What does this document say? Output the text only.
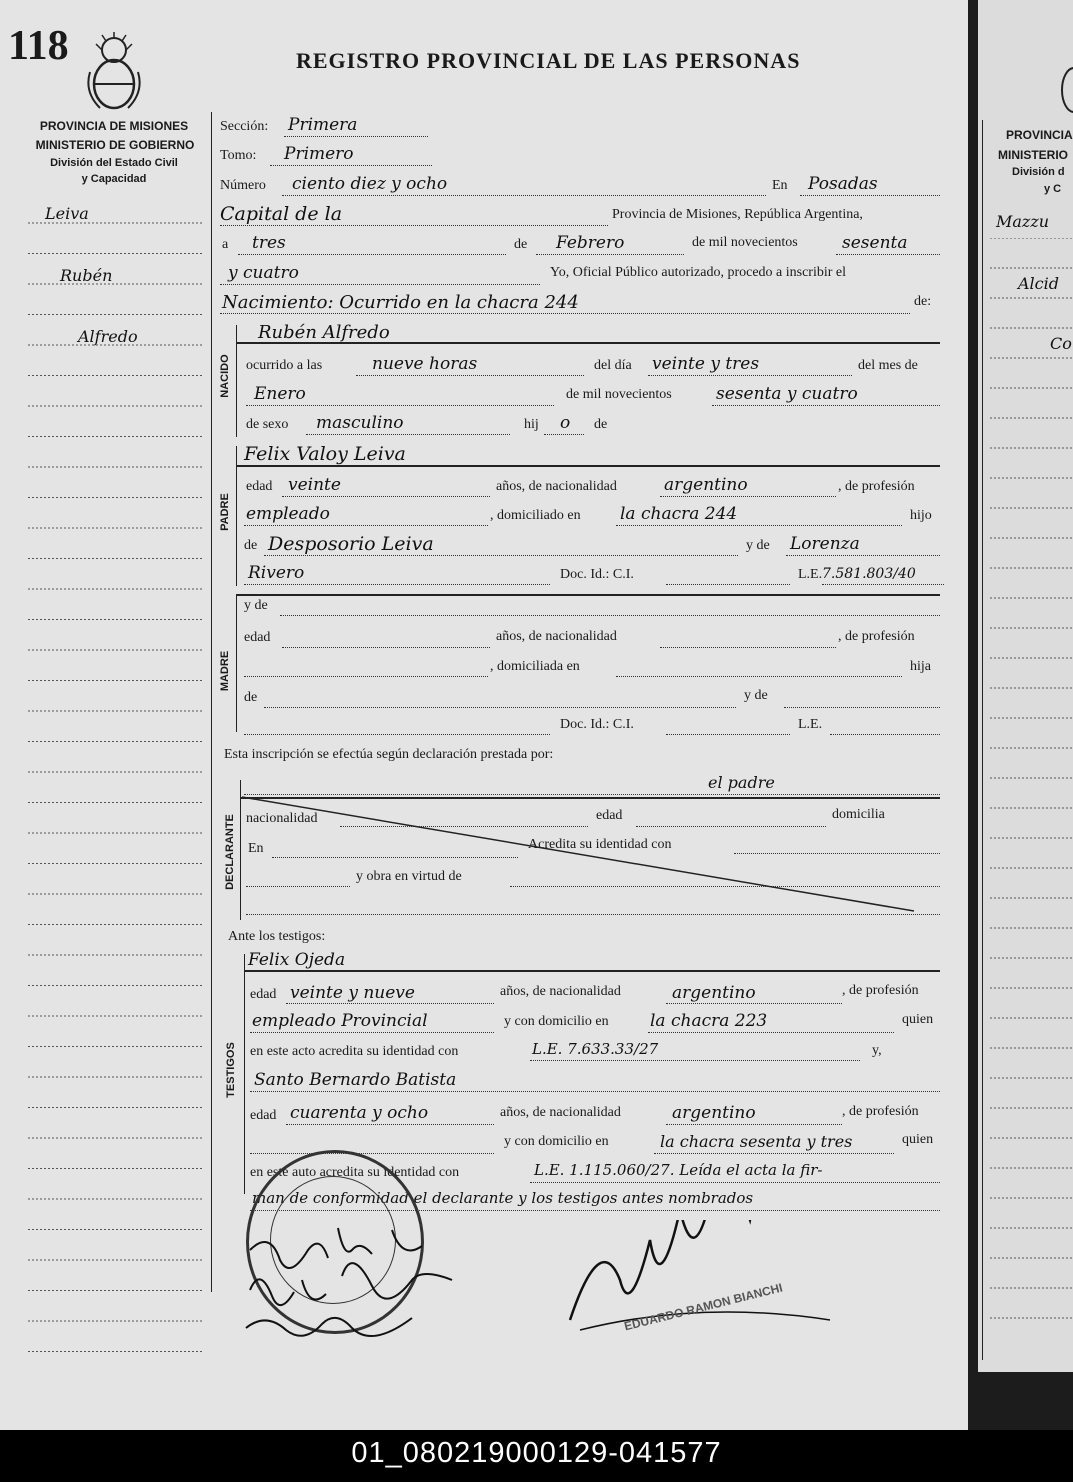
118	REGISTRO PROVINCIAL DE LAS PERSONAS
PROVINCIA DE MISIONES
MINISTERIO DE GOBIERNO
División del Estado Civil
y Capacidad
Leiva
Rubén
Alfredo
Sección: Primera
Tomo: Primero
Número ciento diez y ocho	En Posadas
Capital de la	Provincia de Misiones, República Argentina,
a tres	de Febrero	de mil novecientos	sesenta
y cuatro	Yo, Oficial Público autorizado, procedo a inscribir el
Nacimiento: Ocurrido en la chacra 244	de:
Rubén Alfredo
NACIDO ocurrido a las	nueve horas	del día veinte y tres	del mes de
Enero	de mil novecientos	sesenta y cuatro
de sexo masculino	hij o de
Felix Valoy Leiva
PADRE
edad veinte	años, de nacionalidad	argentino	, de profesión
empleado	, domiciliado en la chacra 244	hijo
de Desposorio Leiva	y de Lorenza
Rivero	Doc. Id.: C.I.	L.E. 7.581.803/40
y de
MADRE
edad	años, de nacionalidad	, de profesión
, domiciliada en	hija
de	y de
Doc. Id.: C.I.	L.E.
Esta inscripción se efectúa según declaración prestada por:
el padre
DECLARANTE nacionalidad	edad	domicilia
En	Acredita su identidad con
y obra en virtud de
Ante los testigos:
Felix Ojeda
TESTIGOS
edad veinte y nueve	años, de nacionalidad	argentino	, de profesión
empleado Provincial	y con domicilio en la chacra 223	quien
en este acto acredita su identidad con	L.E. 7.633.33/27	y,
Santo Bernardo Batista
edad cuarenta y ocho	años, de nacionalidad	argentino	, de profesión
y con domicilio en	la chacra sesenta y tres	quien
en este auto acredita su identidad con	L.E. 1.115.060/27. Leída el acta la fir-
man de conformidad el declarante y los testigos antes nombrados
EDUARDO RAMON BIANCHI
PROVINCIA
MINISTERIO
División d
y C
Mazzu
Alcid
Co
01_080219000129-041577
